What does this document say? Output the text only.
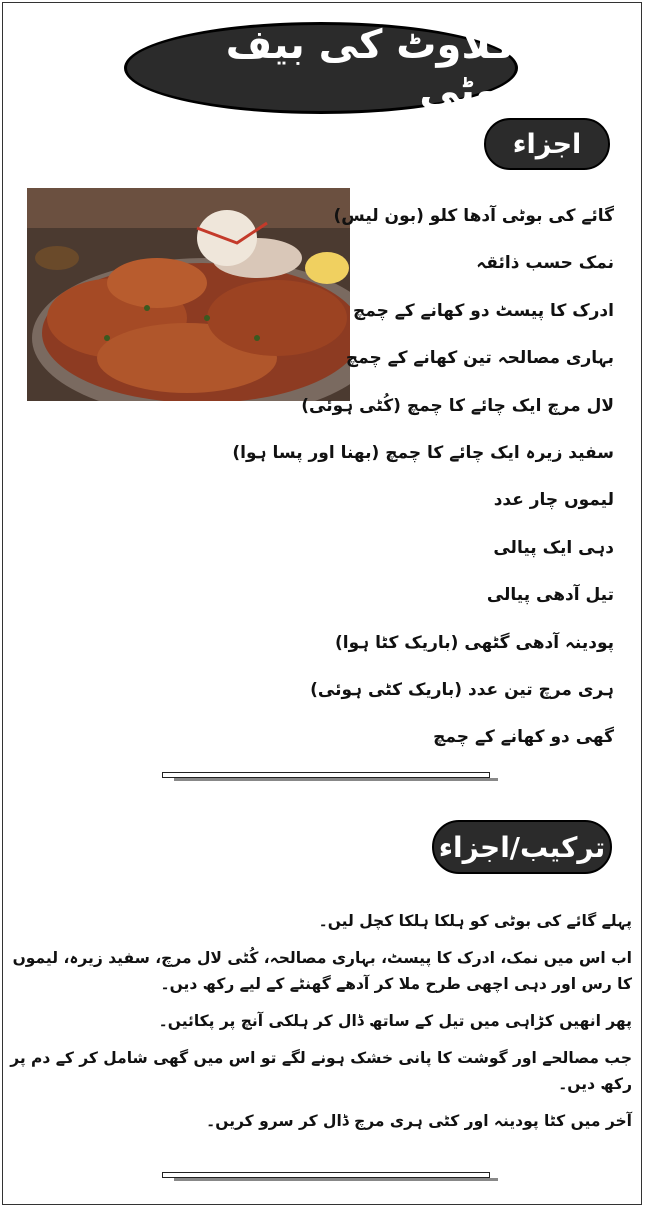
گلاوٹ کی بیف بوٹی
اجزاء
گائے کی بوٹی آدھا کلو (بون لیس)
نمک حسب ذائقہ
ادرک کا پیسٹ دو کھانے کے چمچ
بہاری مصالحہ تین کھانے کے چمچ
لال مرچ ایک چائے کا چمچ (کُٹی ہوئی)
سفید زیرہ ایک چائے کا چمچ (بھنا اور پسا ہوا)
لیموں چار عدد
دہی ایک پیالی
تیل آدھی پیالی
پودینہ آدھی گٹھی (باریک کٹا ہوا)
ہری مرچ تین عدد (باریک کٹی ہوئی)
گھی دو کھانے کے چمچ
ترکیب/اجزاء

پہلے گائے کی بوٹی کو ہلکا ہلکا کچل لیں۔

اب اس میں نمک، ادرک کا پیسٹ، بہاری مصالحہ، کُٹی لال مرچ، سفید زیرہ، لیموں کا رس اور دہی اچھی طرح ملا کر آدھے گھنٹے کے لیے رکھ دیں۔

پھر انھیں کڑاہی میں تیل کے ساتھ ڈال کر ہلکی آنچ پر پکائیں۔

جب مصالحے اور گوشت کا پانی خشک ہونے لگے تو اس میں گھی شامل کر کے دم پر رکھ دیں۔

آخر میں کٹا پودینہ اور کٹی ہری مرچ ڈال کر سرو کریں۔
